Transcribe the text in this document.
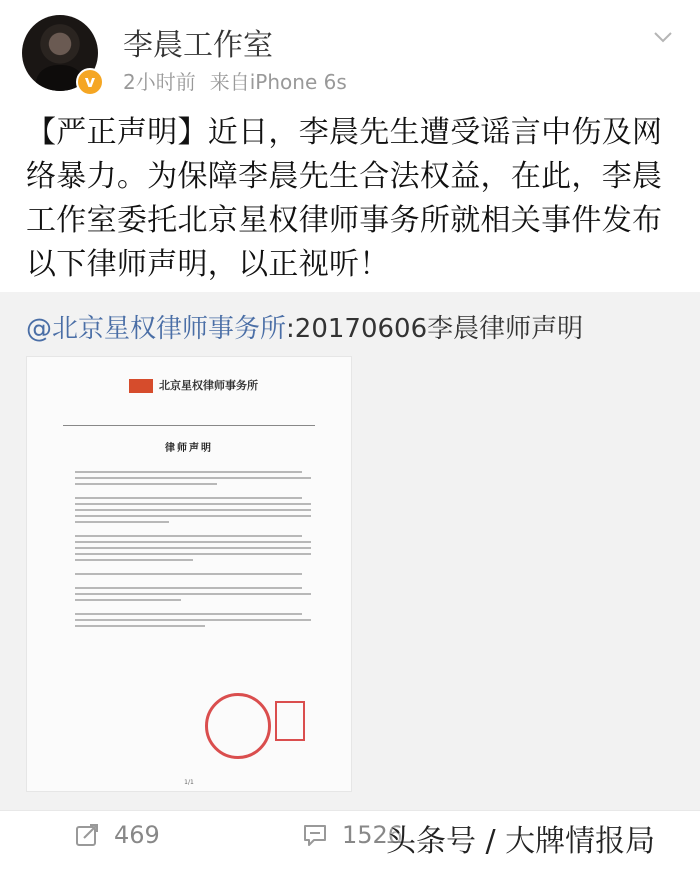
v
李晨工作室
2小时前 来自iPhone 6s
【严正声明】近日，李晨先生遭受谣言中伤及网络暴力。为保障李晨先生合法权益，在此，李晨工作室委托北京星权律师事务所就相关事件发布以下律师声明，以正视听！
@北京星权律师事务所:20170606李晨律师声明
北京星权律师事务所
律师声明
1/1
469	1526
头条号 / 大牌情报局
